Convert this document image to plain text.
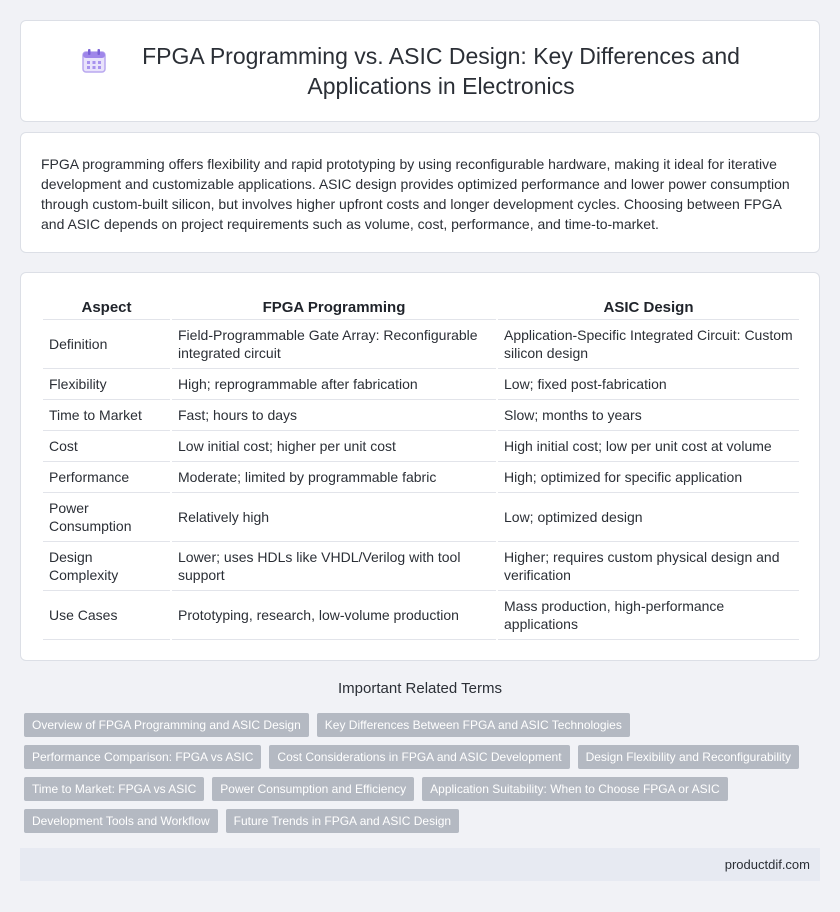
FPGA Programming vs. ASIC Design: Key Differences and Applications in Electronics

FPGA programming offers flexibility and rapid prototyping by using reconfigurable hardware, making it ideal for iterative development and customizable applications. ASIC design provides optimized performance and lower power consumption through custom-built silicon, but involves higher upfront costs and longer development cycles. Choosing between FPGA and ASIC depends on project requirements such as volume, cost, performance, and time-to-market.

Aspect	FPGA Programming	ASIC Design
Definition	Field-Programmable Gate Array: Reconfigurable integrated circuit	Application-Specific Integrated Circuit: Custom silicon design
Flexibility	High; reprogrammable after fabrication	Low; fixed post-fabrication
Time to Market	Fast; hours to days	Slow; months to years
Cost	Low initial cost; higher per unit cost	High initial cost; low per unit cost at volume
Performance	Moderate; limited by programmable fabric	High; optimized for specific application
Power Consumption	Relatively high	Low; optimized design
Design Complexity	Lower; uses HDLs like VHDL/Verilog with tool support	Higher; requires custom physical design and verification
Use Cases	Prototyping, research, low-volume production	Mass production, high-performance applications
Important Related Terms
Overview of FPGA Programming and ASIC Design	Key Differences Between FPGA and ASIC Technologies
Performance Comparison: FPGA vs ASIC	Cost Considerations in FPGA and ASIC Development	Design Flexibility and Reconfigurability
Time to Market: FPGA vs ASIC	Power Consumption and Efficiency	Application Suitability: When to Choose FPGA or ASIC
Development Tools and Workflow	Future Trends in FPGA and ASIC Design
productdif.com
